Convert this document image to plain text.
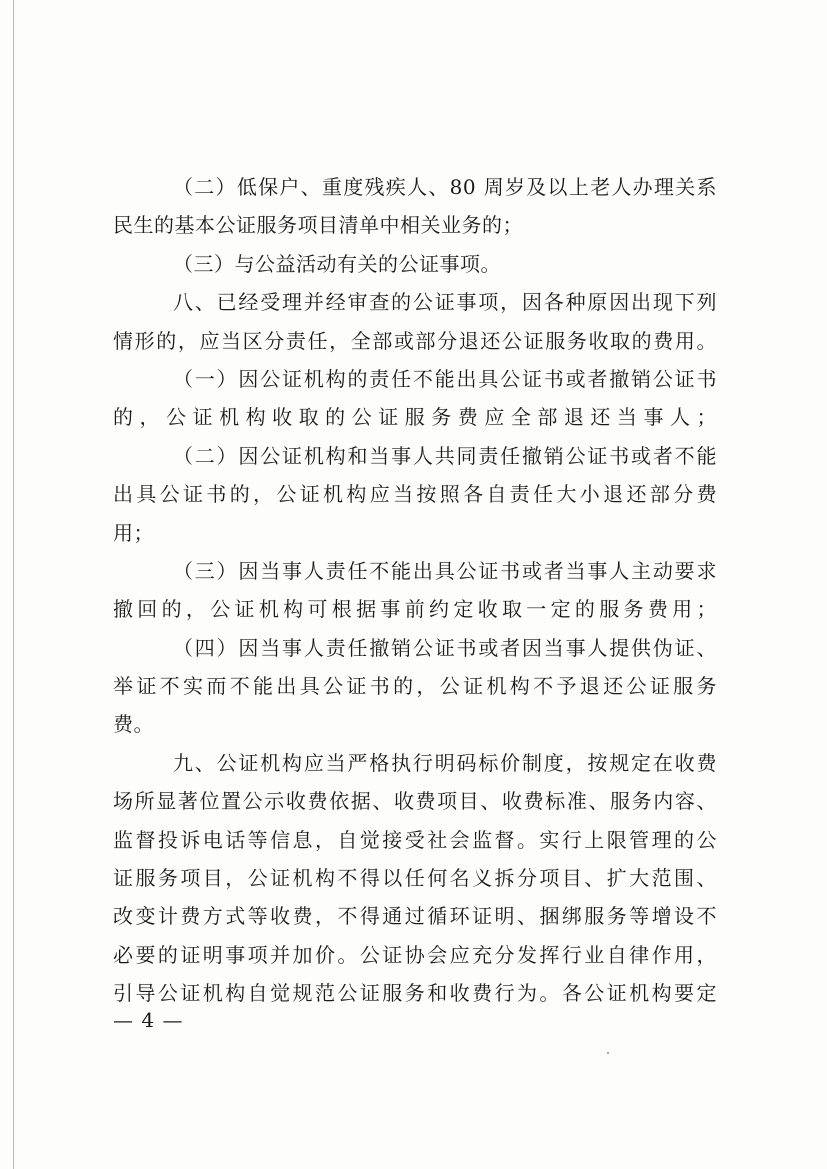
（二）低保户、重度残疾人、80 周岁及以上老人办理关系
民生的基本公证服务项目清单中相关业务的；
（三）与公益活动有关的公证事项。
八、已经受理并经审查的公证事项，因各种原因出现下列
情形的，应当区分责任，全部或部分退还公证服务收取的费用。
（一）因公证机构的责任不能出具公证书或者撤销公证书
的，公证机构收取的公证服务费应全部退还当事人；
（二）因公证机构和当事人共同责任撤销公证书或者不能
出具公证书的，公证机构应当按照各自责任大小退还部分费
用；
（三）因当事人责任不能出具公证书或者当事人主动要求
撤回的，公证机构可根据事前约定收取一定的服务费用；
（四）因当事人责任撤销公证书或者因当事人提供伪证、
举证不实而不能出具公证书的，公证机构不予退还公证服务
费。
九、公证机构应当严格执行明码标价制度，按规定在收费
场所显著位置公示收费依据、收费项目、收费标准、服务内容、
监督投诉电话等信息，自觉接受社会监督。实行上限管理的公
证服务项目，公证机构不得以任何名义拆分项目、扩大范围、
改变计费方式等收费，不得通过循环证明、捆绑服务等增设不
必要的证明事项并加价。公证协会应充分发挥行业自律作用，
引导公证机构自觉规范公证服务和收费行为。各公证机构要定
— 4 —
